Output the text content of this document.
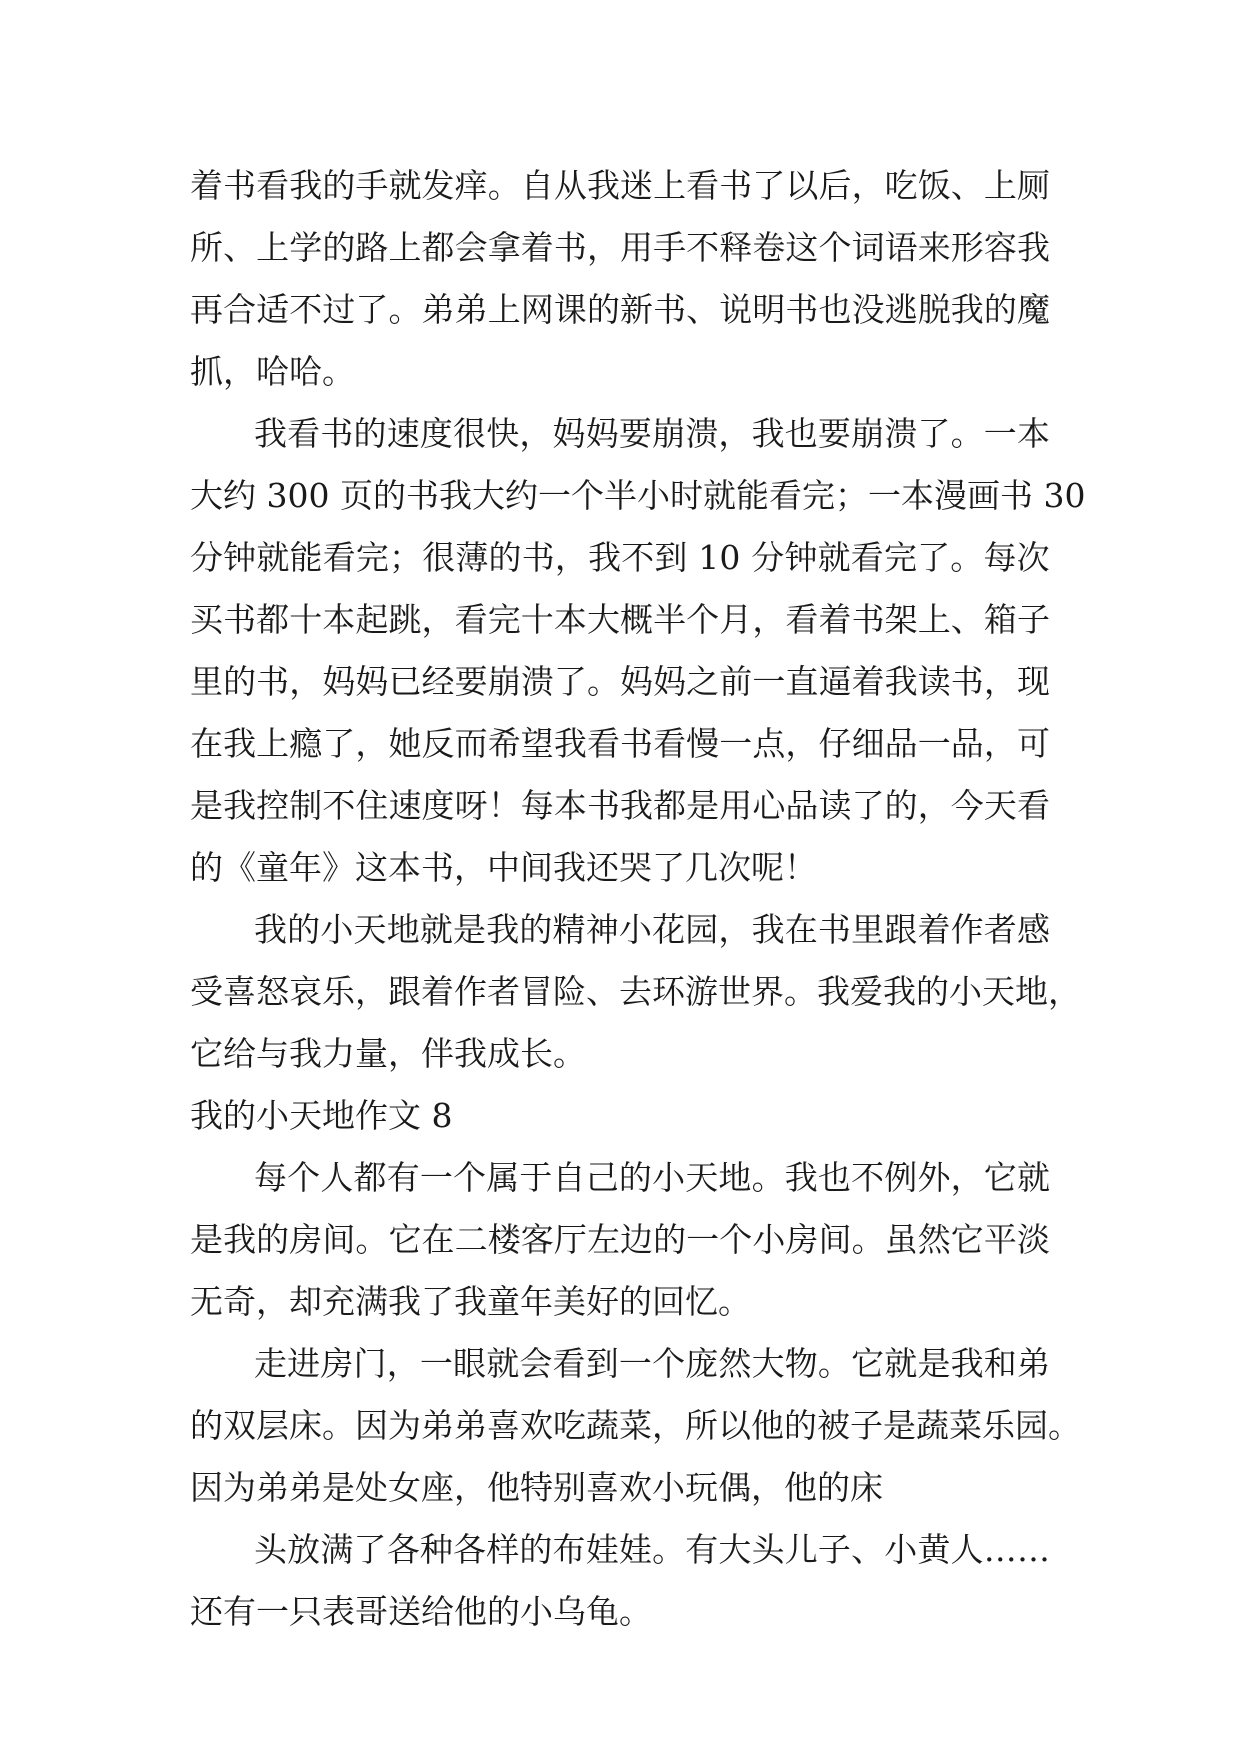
着 书 看 我 的 手 就 发 痒 。 自 从 我 迷 上 看 书 了 以 后 ， 吃 饭 、 上 厕
所 、 上 学 的 路 上 都 会 拿 着 书 ， 用 手 不 释 卷 这 个 词 语 来 形 容 我
再 合 适 不 过 了 。 弟 弟 上 网 课 的 新 书 、 说 明 书 也 没 逃 脱 我 的 魔
抓，哈哈。
我 看 书 的 速 度 很 快 ， 妈 妈 要 崩 溃 ， 我 也 要 崩 溃 了 。 一 本
大 约
3 0 0
页 的 书 我 大 约 一 个 半 小 时 就 能 看 完 ； 一 本 漫 画 书
3 0
分 钟 就 能 看 完 ； 很 薄 的 书 ， 我 不 到
1 0
分 钟 就 看 完 了 。 每 次
买 书 都 十 本 起 跳 ， 看 完 十 本 大 概 半 个 月 ， 看 着 书 架 上 、 箱 子
里 的 书 ， 妈 妈 已 经 要 崩 溃 了 。 妈 妈 之 前 一 直 逼 着 我 读 书 ， 现
在 我 上 瘾 了 ， 她 反 而 希 望 我 看 书 看 慢 一 点 ， 仔 细 品 一 品 ， 可
是 我 控 制 不 住 速 度 呀 ！ 每 本 书 我 都 是 用 心 品 读 了 的 ， 今 天 看
的《童年》这本书，中间我还哭了几次呢！
我 的 小 天 地 就 是 我 的 精 神 小 花 园 ， 我 在 书 里 跟 着 作 者 感
受 喜 怒 哀 乐 ， 跟 着 作 者 冒 险 、 去 环 游 世 界 。 我 爱 我 的 小 天 地 ，
它给与我力量，伴我成长。
我的小天地作文 8
每 个 人 都 有 一 个 属 于 自 己 的 小 天 地 。 我 也 不 例 外 ， 它 就
是 我 的 房 间 。 它 在 二 楼 客 厅 左 边 的 一 个 小 房 间 。 虽 然 它 平 淡
无奇，却充满我了我童年美好的回忆。
走 进 房 门 ， 一 眼 就 会 看 到 一 个 庞 然 大 物 。 它 就 是 我 和 弟
的 双 层 床 。 因 为 弟 弟 喜 欢 吃 蔬 菜 ， 所 以 他 的 被 子 是 蔬 菜 乐 园 。
因为弟弟是处女座，他特别喜欢小玩偶，他的床
头 放 满 了 各 种 各 样 的 布 娃 娃 。 有 大 头 儿 子 、 小 黄 人 … …
还有一只表哥送给他的小乌龟。
